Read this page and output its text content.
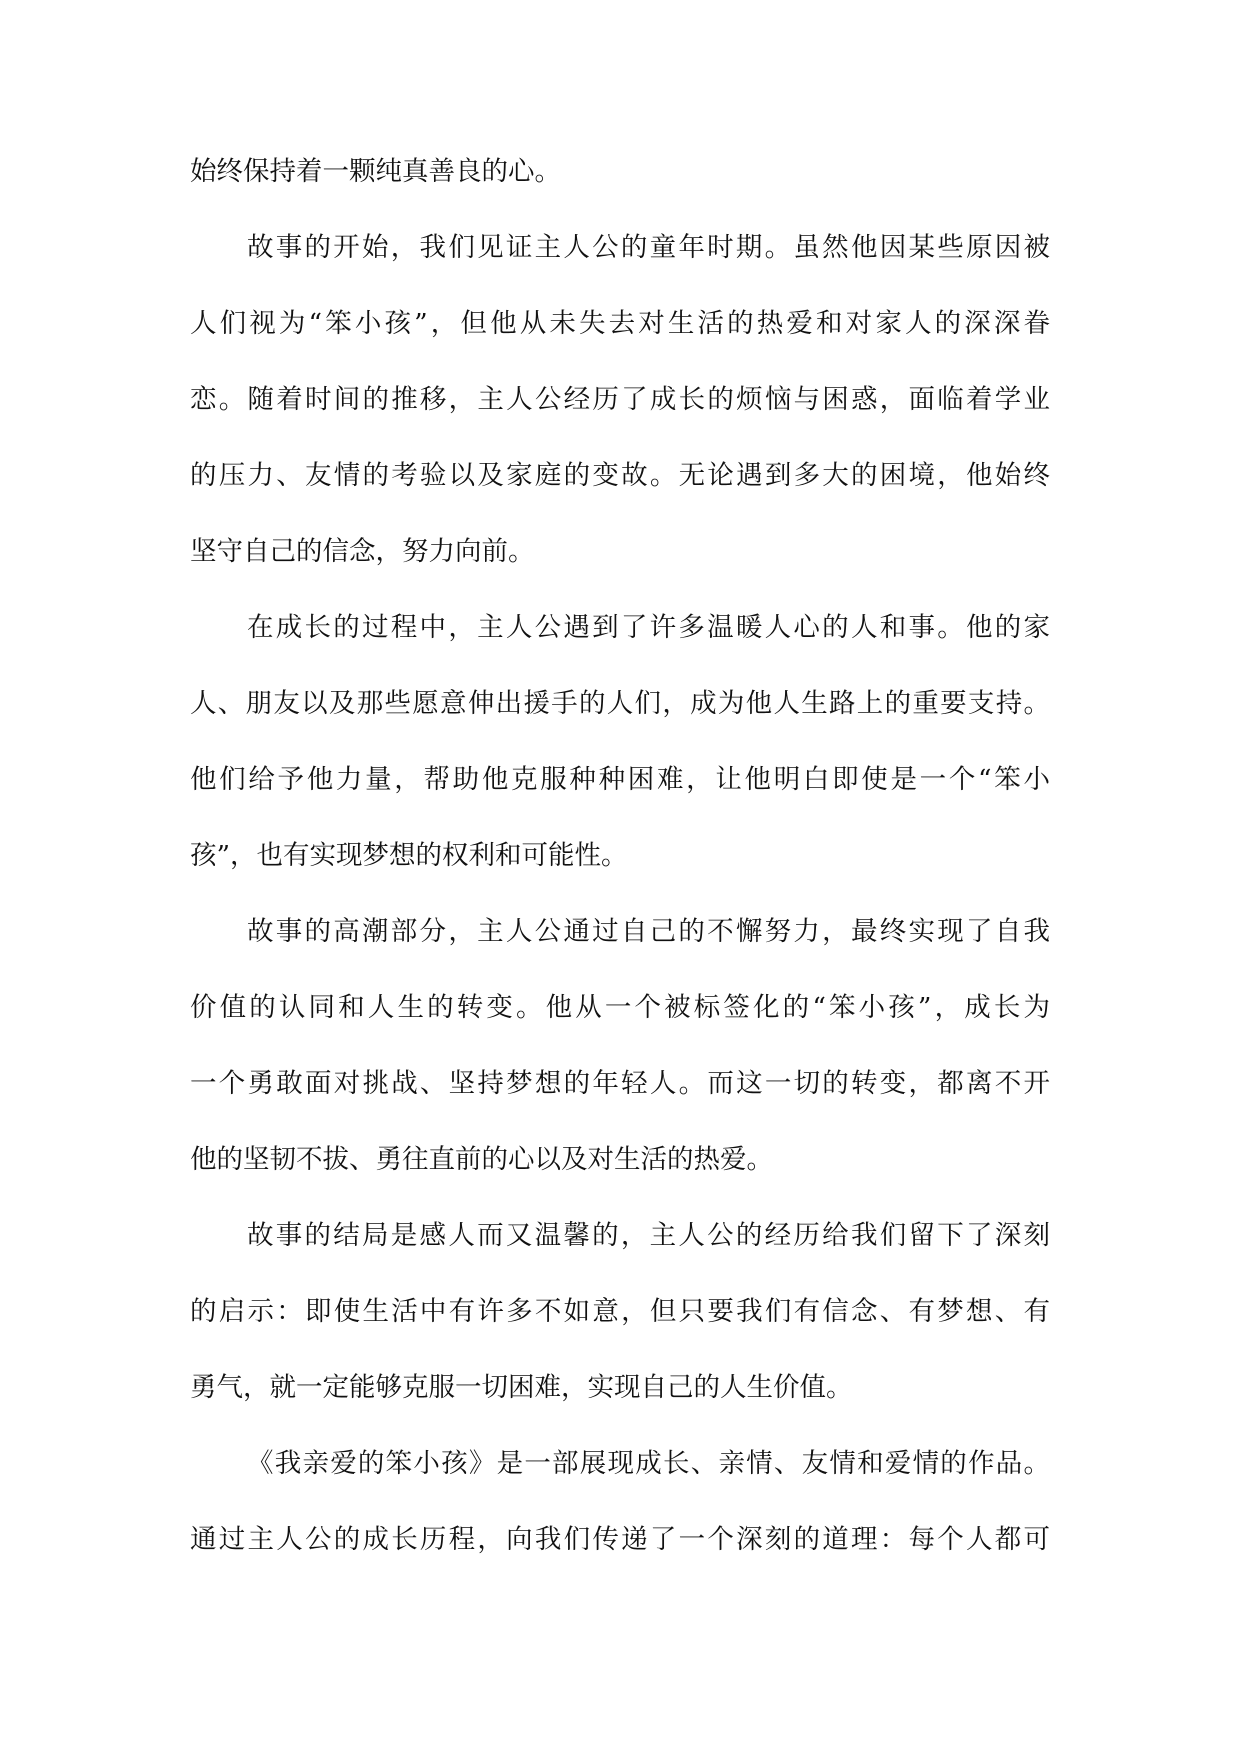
始终保持着一颗纯真善良的心。
故事的开始，我们见证主人公的童年时期。虽然他因某些原因被
人们视为“笨小孩”，但他从未失去对生活的热爱和对家人的深深眷
恋。随着时间的推移，主人公经历了成长的烦恼与困惑，面临着学业
的压力、友情的考验以及家庭的变故。无论遇到多大的困境，他始终
坚守自己的信念，努力向前。
在成长的过程中，主人公遇到了许多温暖人心的人和事。他的家
人、朋友以及那些愿意伸出援手的人们，成为他人生路上的重要支持。
他们给予他力量，帮助他克服种种困难，让他明白即使是一个“笨小
孩”，也有实现梦想的权利和可能性。
故事的高潮部分，主人公通过自己的不懈努力，最终实现了自我
价值的认同和人生的转变。他从一个被标签化的“笨小孩”，成长为
一个勇敢面对挑战、坚持梦想的年轻人。而这一切的转变，都离不开
他的坚韧不拔、勇往直前的心以及对生活的热爱。
故事的结局是感人而又温馨的，主人公的经历给我们留下了深刻
的启示：即使生活中有许多不如意，但只要我们有信念、有梦想、有
勇气，就一定能够克服一切困难，实现自己的人生价值。
《我亲爱的笨小孩》是一部展现成长、亲情、友情和爱情的作品。
通过主人公的成长历程，向我们传递了一个深刻的道理：每个人都可
